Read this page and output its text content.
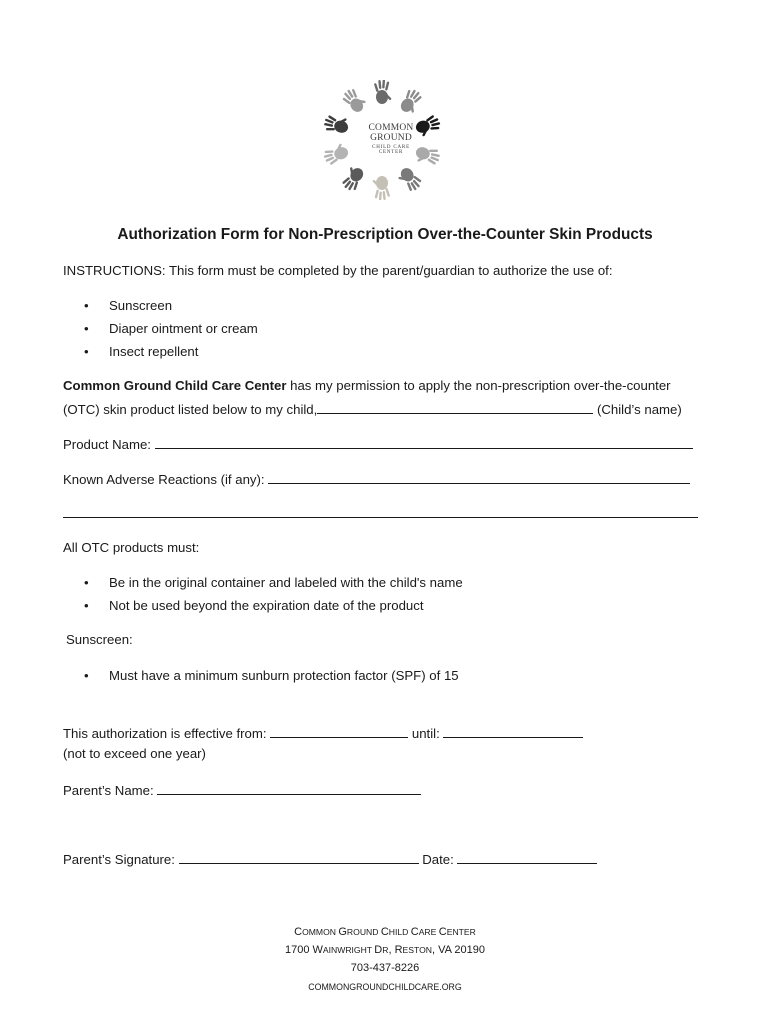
COMMON
GROUND
CHILD CARE
CENTER
Authorization Form for Non-Prescription Over-the-Counter Skin Products
INSTRUCTIONS: This form must be completed by the parent/guardian to authorize the use of:
• Sunscreen
• Diaper ointment or cream
• Insect repellent
Common Ground Child Care Center has my permission to apply the non-prescription over-the-counter
(OTC) skin product listed below to my child,	(Child’s name)
Product Name:
Known Adverse Reactions (if any):
All OTC products must:
• Be in the original container and labeled with the child's name
• Not be used beyond the expiration date of the product
Sunscreen:
• Must have a minimum sunburn protection factor (SPF) of 15
This authorization is effective from:	until:
(not to exceed one year)
Parent’s Name:
Parent’s Signature:	Date:
COMMON GROUND CHILD CARE CENTER
1700 WAINWRIGHT DR, RESTON, VA 20190
703-437-8226
COMMONGROUNDCHILDCARE.ORG
